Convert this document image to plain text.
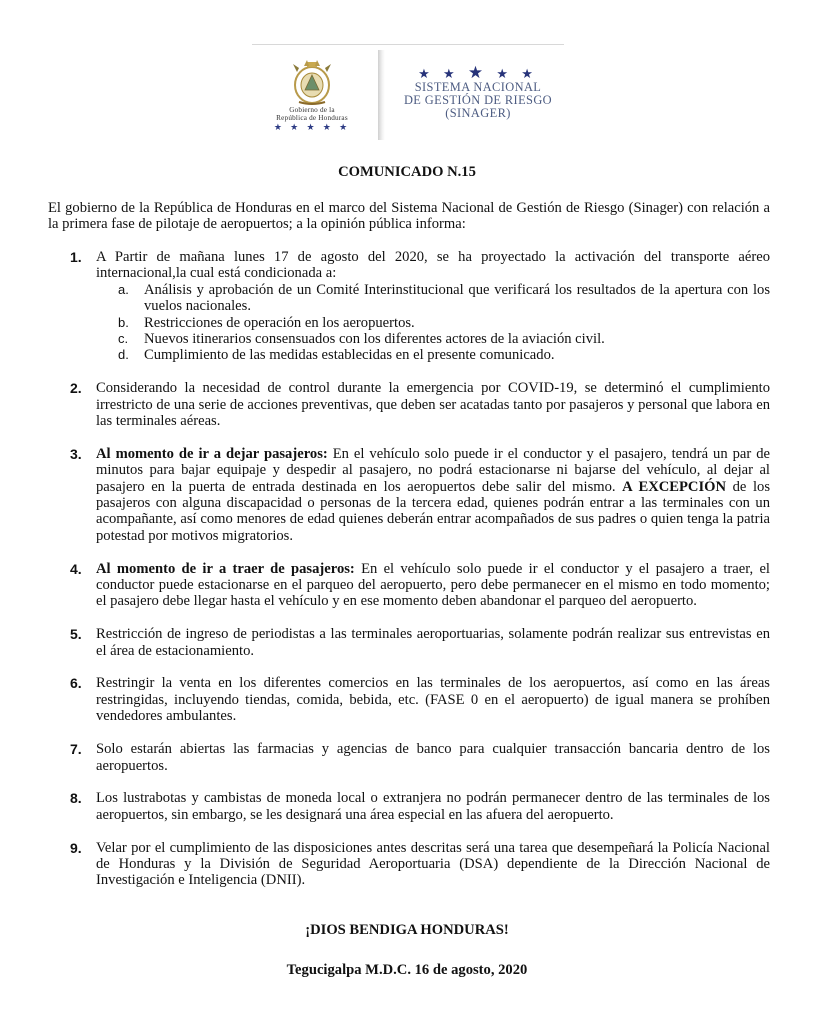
Gobierno de la
República de Honduras
★ ★ ★ ★ ★
★ ★ ★ ★ ★
SISTEMA NACIONAL
DE GESTIÓN DE RIESGO
(SINAGER)
COMUNICADO N.15
El gobierno de la República de Honduras en el marco del Sistema Nacional de Gestión de Riesgo (Sinager) con relación a la primera fase de pilotaje de aeropuertos; a la opinión pública informa:
1. A Partir de mañana lunes 17 de agosto del 2020, se ha proyectado la activación del transporte aéreo internacional,la cual está condicionada a:
a. Análisis y aprobación de un Comité Interinstitucional que verificará los resultados de la apertura con los vuelos nacionales.
b. Restricciones de operación en los aeropuertos.
c. Nuevos itinerarios consensuados con los diferentes actores de la aviación civil.
d. Cumplimiento de las medidas establecidas en el presente comunicado.
2. Considerando la necesidad de control durante la emergencia por COVID-19, se determinó el cumplimiento irrestricto de una serie de acciones preventivas, que deben ser acatadas tanto por pasajeros y personal que labora en las terminales aéreas.
3. Al momento de ir a dejar pasajeros: En el vehículo solo puede ir el conductor y el pasajero, tendrá un par de minutos para bajar equipaje y despedir al pasajero, no podrá estacionarse ni bajarse del vehículo, al dejar al pasajero en la puerta de entrada destinada en los aeropuertos debe salir del mismo. A EXCEPCIÓN de los pasajeros con alguna discapacidad o personas de la tercera edad, quienes podrán entrar a las terminales con un acompañante, así como menores de edad quienes deberán entrar acompañados de sus padres o quien tenga la patria potestad por motivos migratorios.
4. Al momento de ir a traer de pasajeros: En el vehículo solo puede ir el conductor y el pasajero a traer, el conductor puede estacionarse en el parqueo del aeropuerto, pero debe permanecer en el mismo en todo momento; el pasajero debe llegar hasta el vehículo y en ese momento deben abandonar el parqueo del aeropuerto.
5. Restricción de ingreso de periodistas a las terminales aeroportuarias, solamente podrán realizar sus entrevistas en el área de estacionamiento.
6. Restringir la venta en los diferentes comercios en las terminales de los aeropuertos, así como en las áreas restringidas, incluyendo tiendas, comida, bebida, etc. (FASE 0 en el aeropuerto) de igual manera se prohíben vendedores ambulantes.
7. Solo estarán abiertas las farmacias y agencias de banco para cualquier transacción bancaria dentro de los aeropuertos.
8. Los lustrabotas y cambistas de moneda local o extranjera no podrán permanecer dentro de las terminales de los aeropuertos, sin embargo, se les designará una área especial en las afuera del aeropuerto.
9. Velar por el cumplimiento de las disposiciones antes descritas será una tarea que desempeñará la Policía Nacional de Honduras y la División de Seguridad Aeroportuaria (DSA) dependiente de la Dirección Nacional de Investigación e Inteligencia (DNII).
¡DIOS BENDIGA HONDURAS!
Tegucigalpa M.D.C. 16 de agosto, 2020
